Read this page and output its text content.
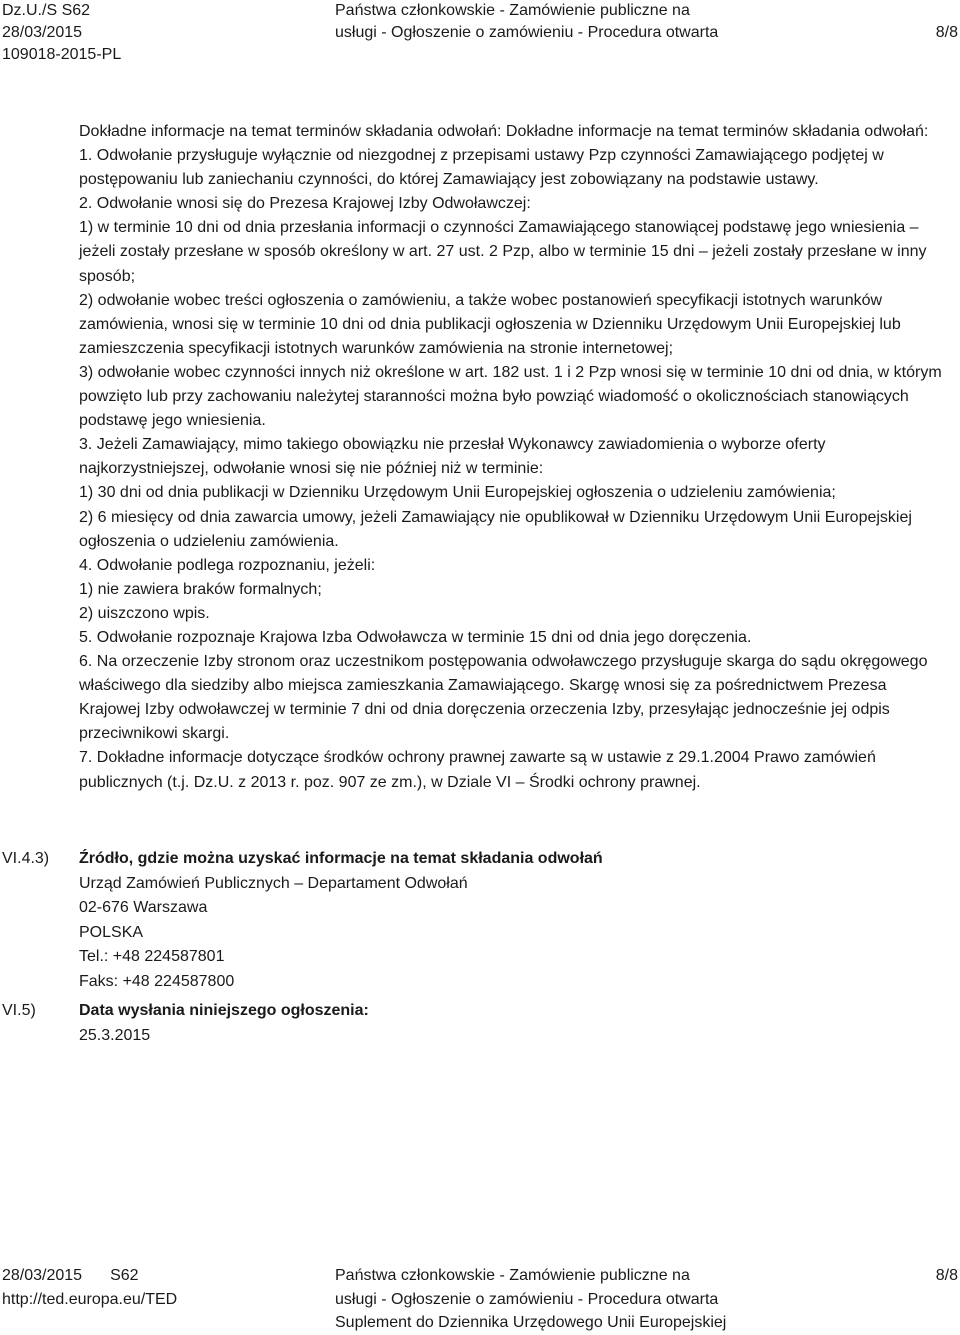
Dz.U./S S62
28/03/2015
109018-2015-PL
Państwa członkowskie - Zamówienie publiczne na
usługi - Ogłoszenie o zamówieniu - Procedura otwarta	8/8

Dokładne informacje na temat terminów składania odwołań: Dokładne informacje na temat terminów składania odwołań:

1. Odwołanie przysługuje wyłącznie od niezgodnej z przepisami ustawy Pzp czynności Zamawiającego podjętej w postępowaniu lub zaniechaniu czynności, do której Zamawiający jest zobowiązany na podstawie ustawy.

2. Odwołanie wnosi się do Prezesa Krajowej Izby Odwoławczej:

1) w terminie 10 dni od dnia przesłania informacji o czynności Zamawiającego stanowiącej podstawę jego wniesienia – jeżeli zostały przesłane w sposób określony w art. 27 ust. 2 Pzp, albo w terminie 15 dni – jeżeli zostały przesłane w inny sposób;

2) odwołanie wobec treści ogłoszenia o zamówieniu, a także wobec postanowień specyfikacji istotnych warunków zamówienia, wnosi się w terminie 10 dni od dnia publikacji ogłoszenia w Dzienniku Urzędowym Unii Europejskiej lub zamieszczenia specyfikacji istotnych warunków zamówienia na stronie internetowej;

3) odwołanie wobec czynności innych niż określone w art. 182 ust. 1 i 2 Pzp wnosi się w terminie 10 dni od dnia, w którym powzięto lub przy zachowaniu należytej staranności można było powziąć wiadomość o okolicznościach stanowiących podstawę jego wniesienia.

3. Jeżeli Zamawiający, mimo takiego obowiązku nie przesłał Wykonawcy zawiadomienia o wyborze oferty najkorzystniejszej, odwołanie wnosi się nie później niż w terminie:

1) 30 dni od dnia publikacji w Dzienniku Urzędowym Unii Europejskiej ogłoszenia o udzieleniu zamówienia;

2) 6 miesięcy od dnia zawarcia umowy, jeżeli Zamawiający nie opublikował w Dzienniku Urzędowym Unii Europejskiej ogłoszenia o udzieleniu zamówienia.

4. Odwołanie podlega rozpoznaniu, jeżeli:

1) nie zawiera braków formalnych;

2) uiszczono wpis.

5. Odwołanie rozpoznaje Krajowa Izba Odwoławcza w terminie 15 dni od dnia jego doręczenia.

6. Na orzeczenie Izby stronom oraz uczestnikom postępowania odwoławczego przysługuje skarga do sądu okręgowego właściwego dla siedziby albo miejsca zamieszkania Zamawiającego. Skargę wnosi się za pośrednictwem Prezesa Krajowej Izby odwoławczej w terminie 7 dni od dnia doręczenia orzeczenia Izby, przesyłając jednocześnie jej odpis przeciwnikowi skargi.

7. Dokładne informacje dotyczące środków ochrony prawnej zawarte są w ustawie z 29.1.2004 Prawo zamówień publicznych (t.j. Dz.U. z 2013 r. poz. 907 ze zm.), w Dziale VI – Środki ochrony prawnej.

VI.4.3) Źródło, gdzie można uzyskać informacje na temat składania odwołań
Urząd Zamówień Publicznych – Departament Odwołań
02-676 Warszawa
POLSKA
Tel.: +48 224587801
Faks: +48 224587800
VI.5)	Data wysłania niniejszego ogłoszenia:
25.3.2015
28/03/2015 S62
http://ted.europa.eu/TED
Państwa członkowskie - Zamówienie publiczne na
usługi - Ogłoszenie o zamówieniu - Procedura otwarta
Suplement do Dziennika Urzędowego Unii Europejskiej
8/8
